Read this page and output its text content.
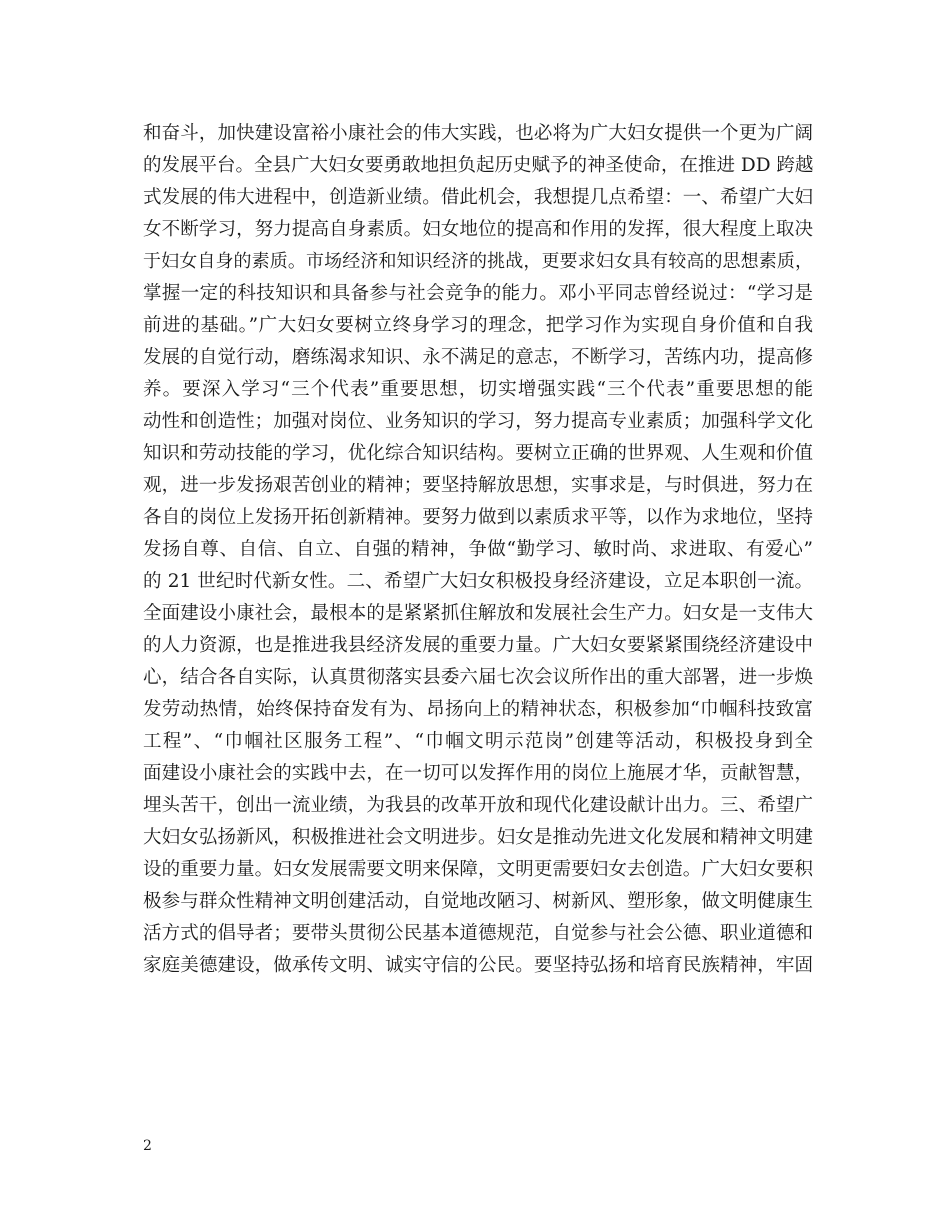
和奋斗，加快建设富裕小康社会的伟大实践，也必将为广大妇女提供一个更为广阔
的发展平台。全县广大妇女要勇敢地担负起历史赋予的神圣使命，在推进 DD 跨越
式发展的伟大进程中，创造新业绩。借此机会，我想提几点希望：一、希望广大妇
女不断学习，努力提高自身素质。妇女地位的提高和作用的发挥，很大程度上取决
于妇女自身的素质。市场经济和知识经济的挑战，更要求妇女具有较高的思想素质，
掌握一定的科技知识和具备参与社会竞争的能力。邓小平同志曾经说过：“学习是
前进的基础。”广大妇女要树立终身学习的理念，把学习作为实现自身价值和自我
发展的自觉行动，磨练渴求知识、永不满足的意志，不断学习，苦练内功，提高修
养。要深入学习“三个代表”重要思想，切实增强实践“三个代表”重要思想的能
动性和创造性；加强对岗位、业务知识的学习，努力提高专业素质；加强科学文化
知识和劳动技能的学习，优化综合知识结构。要树立正确的世界观、人生观和价值
观，进一步发扬艰苦创业的精神；要坚持解放思想，实事求是，与时俱进，努力在
各自的岗位上发扬开拓创新精神。要努力做到以素质求平等，以作为求地位，坚持
发扬自尊、自信、自立、自强的精神，争做“勤学习、敏时尚、求进取、有爱心”
的 21 世纪时代新女性。二、希望广大妇女积极投身经济建设，立足本职创一流。
全面建设小康社会，最根本的是紧紧抓住解放和发展社会生产力。妇女是一支伟大
的人力资源，也是推进我县经济发展的重要力量。广大妇女要紧紧围绕经济建设中
心，结合各自实际，认真贯彻落实县委六届七次会议所作出的重大部署，进一步焕
发劳动热情，始终保持奋发有为、昂扬向上的精神状态，积极参加“巾帼科技致富
工程”、“巾帼社区服务工程”、“巾帼文明示范岗”创建等活动，积极投身到全
面建设小康社会的实践中去，在一切可以发挥作用的岗位上施展才华，贡献智慧，
埋头苦干，创出一流业绩，为我县的改革开放和现代化建设献计出力。三、希望广
大妇女弘扬新风，积极推进社会文明进步。妇女是推动先进文化发展和精神文明建
设的重要力量。妇女发展需要文明来保障，文明更需要妇女去创造。广大妇女要积
极参与群众性精神文明创建活动，自觉地改陋习、树新风、塑形象，做文明健康生
活方式的倡导者；要带头贯彻公民基本道德规范，自觉参与社会公德、职业道德和
家庭美德建设，做承传文明、诚实守信的公民。要坚持弘扬和培育民族精神，牢固
2
